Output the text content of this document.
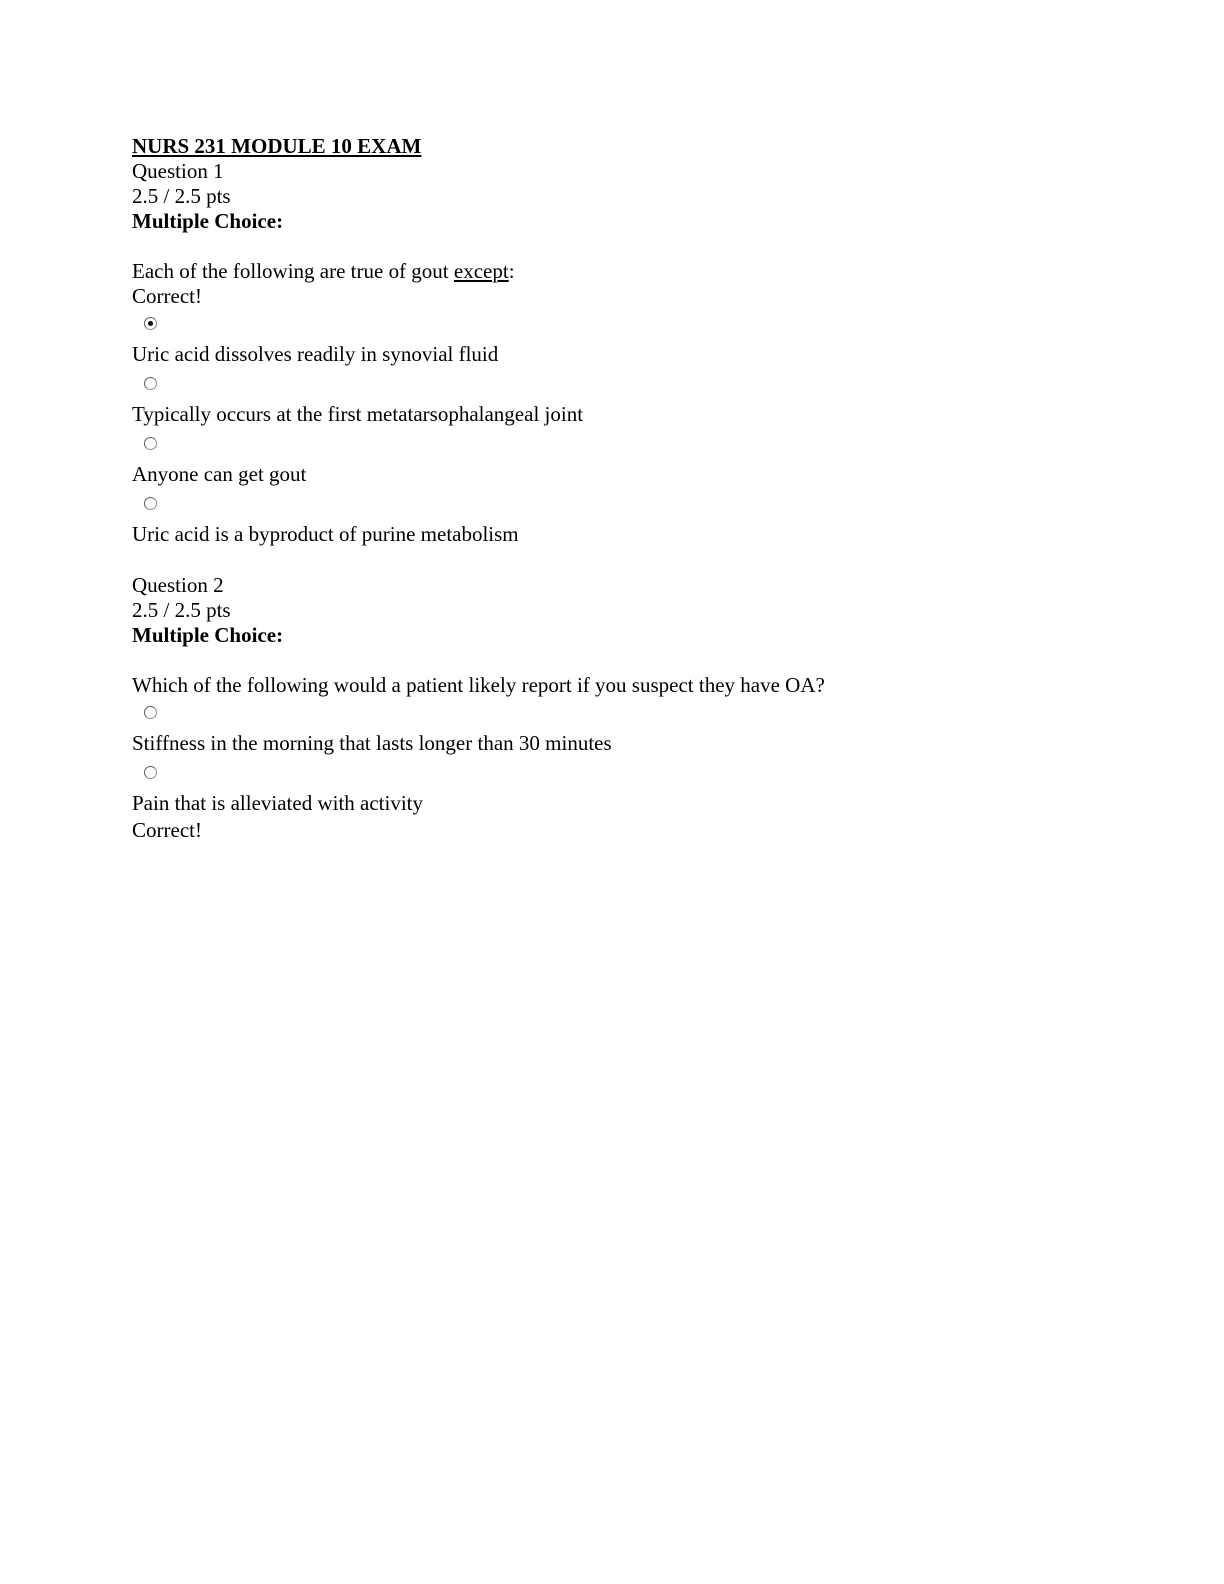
NURS 231 MODULE 10 EXAM
Question 1
2.5 / 2.5 pts
Multiple Choice:
Each of the following are true of gout except:
Correct!
Uric acid dissolves readily in synovial fluid
Typically occurs at the first metatarsophalangeal joint
Anyone can get gout
Uric acid is a byproduct of purine metabolism
Question 2
2.5 / 2.5 pts
Multiple Choice:
Which of the following would a patient likely report if you suspect they have OA?
Stiffness in the morning that lasts longer than 30 minutes
Pain that is alleviated with activity
Correct!
